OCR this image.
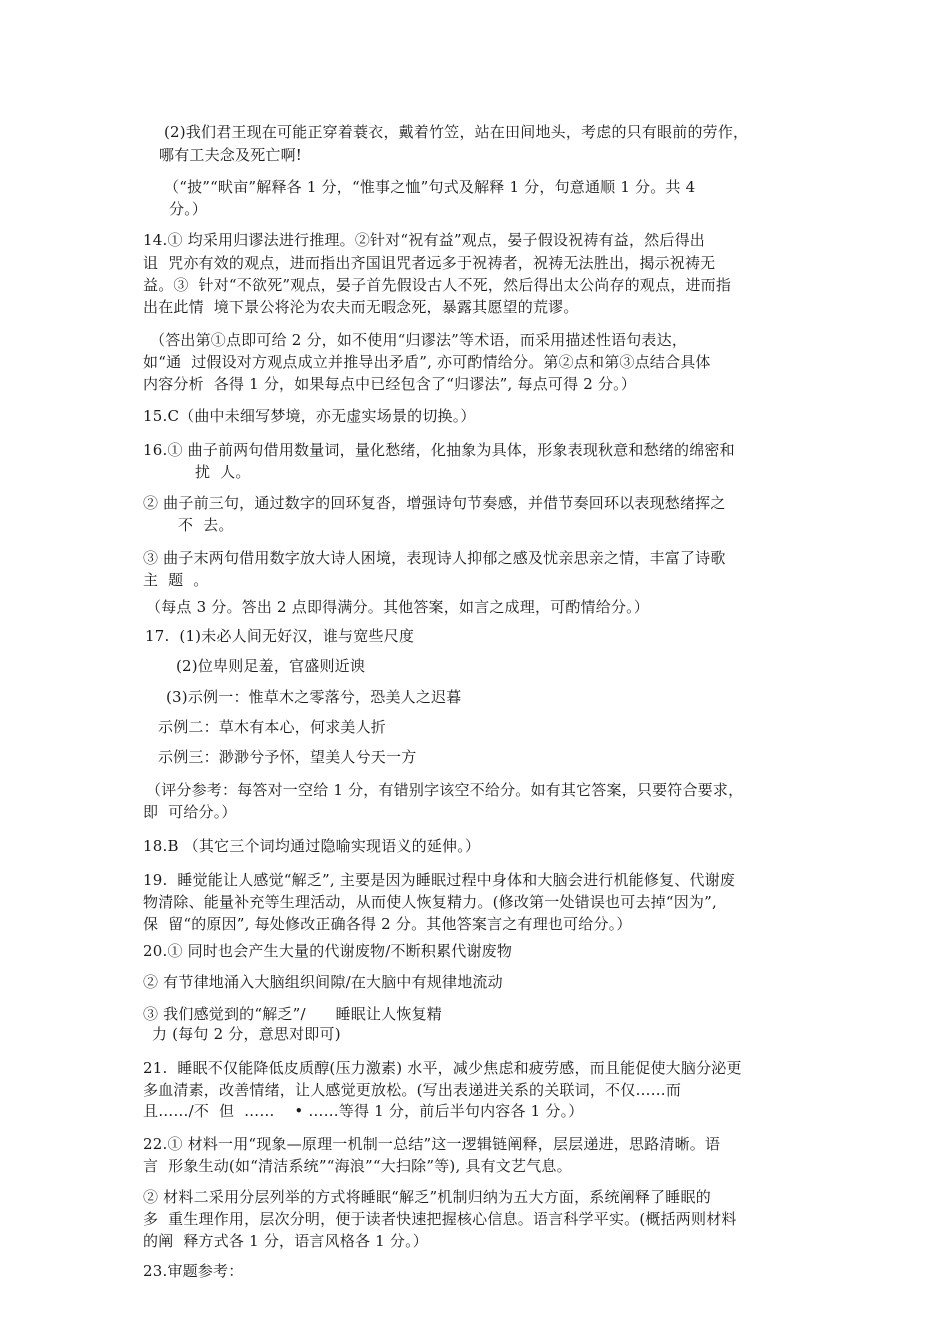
(2)我们君王现在可能正穿着蓑衣，戴着竹笠，站在田间地头，考虑的只有眼前的劳作，
哪有工夫念及死亡啊!
（“披”“畎亩”解释各 1 分，“惟事之恤”句式及解释 1 分，句意通顺 1 分。共 4
分。）
14.① 均采用归谬法进行推理。②针对“祝有益”观点，晏子假设祝祷有益，然后得出
诅  咒亦有效的观点，进而指出齐国诅咒者远多于祝祷者，祝祷无法胜出，揭示祝祷无
益。③  针对“不欲死”观点，晏子首先假设古人不死，然后得出太公尚存的观点，进而指
出在此情  境下景公将沦为农夫而无暇念死，暴露其愿望的荒谬。
（答出第①点即可给 2 分，如不使用“归谬法”等术语，而采用描述性语句表达，
如“通  过假设对方观点成立并推导出矛盾”, 亦可酌情给分。第②点和第③点结合具体
内容分析  各得 1 分，如果每点中已经包含了“归谬法”, 每点可得 2 分。）
15.C（曲中未细写梦境，亦无虚实场景的切换。）
16.① 曲子前两句借用数量词，量化愁绪，化抽象为具体，形象表现秋意和愁绪的绵密和
扰  人。
② 曲子前三句，通过数字的回环复沓，增强诗句节奏感，并借节奏回环以表现愁绪挥之
不  去。
③ 曲子末两句借用数字放大诗人困境，表现诗人抑郁之感及忧亲思亲之情，丰富了诗歌
主  题  。
（每点 3 分。答出 2 点即得满分。其他答案，如言之成理，可酌情给分。）
17.  (1)未必人间无好汉，谁与宽些尺度
(2)位卑则足羞，官盛则近谀
(3)示例一：惟草木之零落兮，恐美人之迟暮
示例二：草木有本心，何求美人折
示例三：渺渺兮予怀，望美人兮天一方
（评分参考：每答对一空给 1 分，有错别字该空不给分。如有其它答案，只要符合要求，
即  可给分。）
18.B （其它三个词均通过隐喻实现语义的延伸。）
19.  睡觉能让人感觉“解乏”, 主要是因为睡眠过程中身体和大脑会进行机能修复、代谢废
物清除、能量补充等生理活动，从而使人恢复精力。(修改第一处错误也可去掉“因为”,
保  留“的原因”, 每处修改正确各得 2 分。其他答案言之有理也可给分。）
20.① 同时也会产生大量的代谢废物/不断积累代谢废物
② 有节律地涌入大脑组织间隙/在大脑中有规律地流动
③ 我们感觉到的“解乏”/      睡眠让人恢复精
力 (每句 2 分，意思对即可)
21.  睡眠不仅能降低皮质醇(压力激素) 水平，减少焦虑和疲劳感，而且能促使大脑分泌更
多血清素，改善情绪，让人感觉更放松。(写出表递进关系的关联词，不仅……而
且……/不  但  ……    • ……等得 1 分，前后半句内容各 1 分。）
22.① 材料一用“现象—原理一机制一总结”这一逻辑链阐释，层层递进，思路清晰。语
言  形象生动(如“清洁系统”“海浪”“大扫除”等), 具有文艺气息。
② 材料二采用分层列举的方式将睡眠“解乏”机制归纳为五大方面，系统阐释了睡眠的
多  重生理作用，层次分明，便于读者快速把握核心信息。语言科学平实。(概括两则材料
的阐  释方式各 1 分，语言风格各 1 分。）
23.审题参考：
